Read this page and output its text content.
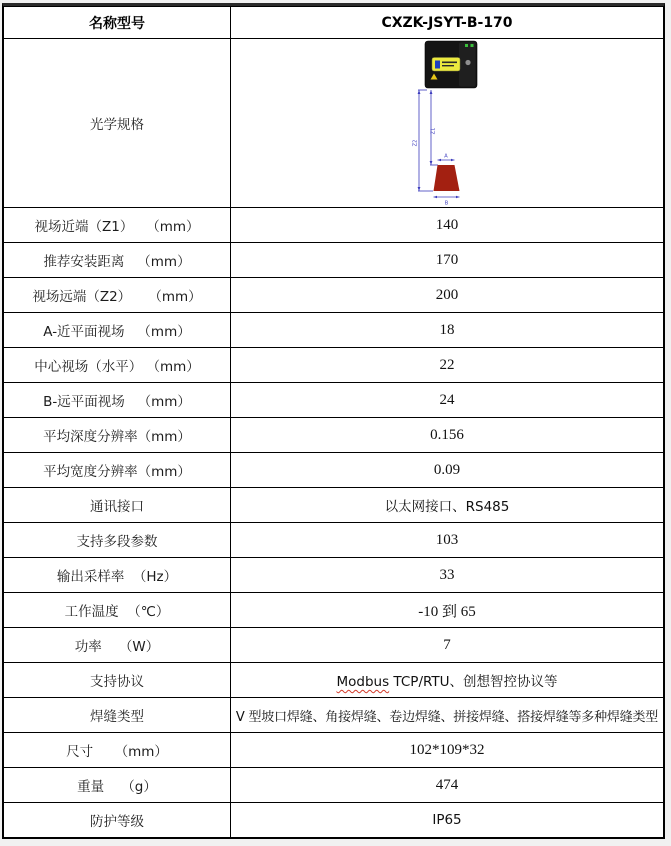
名称型号	CXZK-JSYT-B-170
光学规格	Z1
Z2
A
B

视场近端（Z1）   （mm）	140
推荐安装距离   （mm）	170
视场远端（Z2）    （mm）	200
A-近平面视场   （mm）	18
中心视场（水平） （mm）	22
B-远平面视场   （mm）	24
平均深度分辨率（mm）	0.156
平均宽度分辨率（mm）	0.09
通讯接口	以太网接口、RS485
支持多段参数	103
输出采样率  （Hz）	33
工作温度  （℃）	-10 到 65
功率    （W）	7
支持协议	Modbus TCP/RTU、创想智控协议等
焊缝类型	V 型坡口焊缝、角接焊缝、卷边焊缝、拼接焊缝、搭接焊缝等多种焊缝类型
尺寸     （mm）	102*109*32
重量    （g）	474
防护等级	IP65
